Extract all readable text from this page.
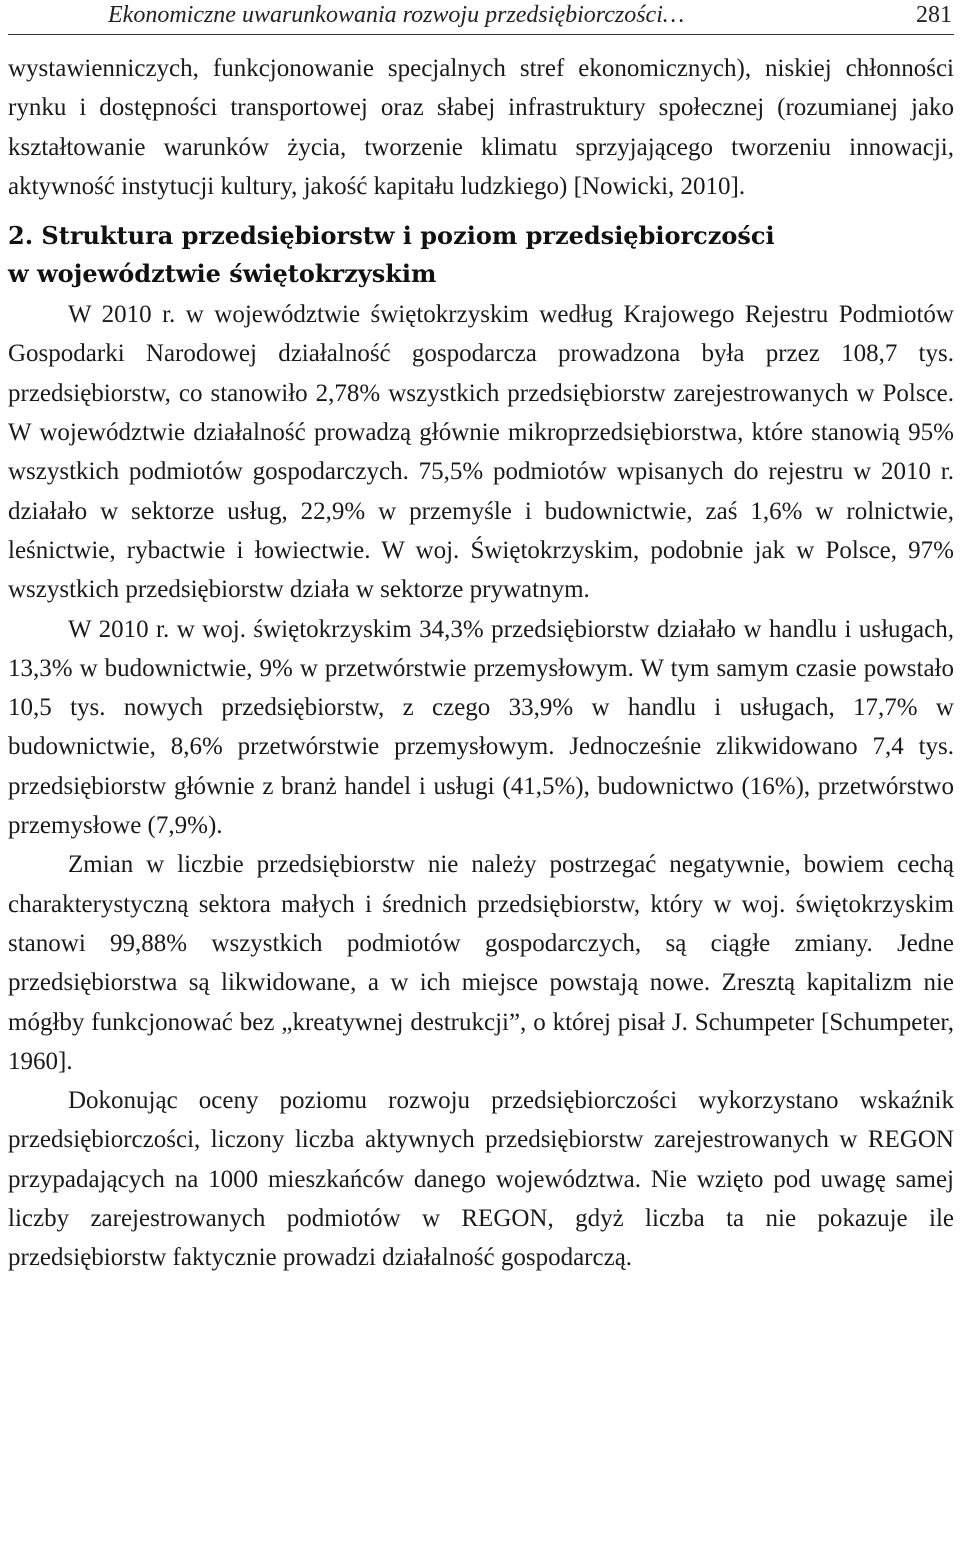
Ekonomiczne uwarunkowania rozwoju przedsiębiorczości…	281

wystawienniczych, funkcjonowanie specjalnych stref ekonomicznych), niskiej chłonności rynku i dostępności transportowej oraz słabej infrastruktury społecznej (rozumianej jako kształtowanie warunków życia, tworzenie klimatu sprzyjającego tworzeniu innowacji, aktywność instytucji kultury, jakość kapitału ludzkiego) [Nowicki, 2010].

2. Struktura przedsiębiorstw i poziom przedsiębiorczości
w województwie świętokrzyskim

W 2010 r. w województwie świętokrzyskim według Krajowego Rejestru Podmiotów Gospodarki Narodowej działalność gospodarcza prowadzona była przez 108,7 tys. przedsiębiorstw, co stanowiło 2,78% wszystkich przedsiębiorstw zarejestrowanych w Polsce. W województwie działalność prowadzą głównie mikroprzedsiębiorstwa, które stanowią 95% wszystkich podmiotów gospodarczych. 75,5% podmiotów wpisanych do rejestru w 2010 r. działało w sektorze usług, 22,9% w przemyśle i budownictwie, zaś 1,6% w rolnictwie, leśnictwie, rybactwie i łowiectwie. W woj. Świętokrzyskim, podobnie jak w Polsce, 97% wszystkich przedsiębiorstw działa w sektorze prywatnym.

W 2010 r. w woj. świętokrzyskim 34,3% przedsiębiorstw działało w handlu i usługach, 13,3% w budownictwie, 9% w przetwórstwie przemysłowym. W tym samym czasie powstało 10,5 tys. nowych przedsiębiorstw, z czego 33,9% w handlu i usługach, 17,7% w budownictwie, 8,6% przetwórstwie przemysłowym. Jednocześnie zlikwidowano 7,4 tys. przedsiębiorstw głównie z branż handel i usługi (41,5%), budownictwo (16%), przetwórstwo przemysłowe (7,9%).

Zmian w liczbie przedsiębiorstw nie należy postrzegać negatywnie, bowiem cechą charakterystyczną sektora małych i średnich przedsiębiorstw, który w woj. świętokrzyskim stanowi 99,88% wszystkich podmiotów gospodarczych, są ciągłe zmiany. Jedne przedsiębiorstwa są likwidowane, a w ich miejsce powstają nowe. Zresztą kapitalizm nie mógłby funkcjonować bez „kreatywnej destrukcji”, o której pisał J. Schumpeter [Schumpeter, 1960].

Dokonując oceny poziomu rozwoju przedsiębiorczości wykorzystano wskaźnik przedsiębiorczości, liczony liczba aktywnych przedsiębiorstw zarejestrowanych w REGON przypadających na 1000 mieszkańców danego województwa. Nie wzięto pod uwagę samej liczby zarejestrowanych podmiotów w REGON, gdyż liczba ta nie pokazuje ile przedsiębiorstw faktycznie prowadzi działalność gospodarczą.
